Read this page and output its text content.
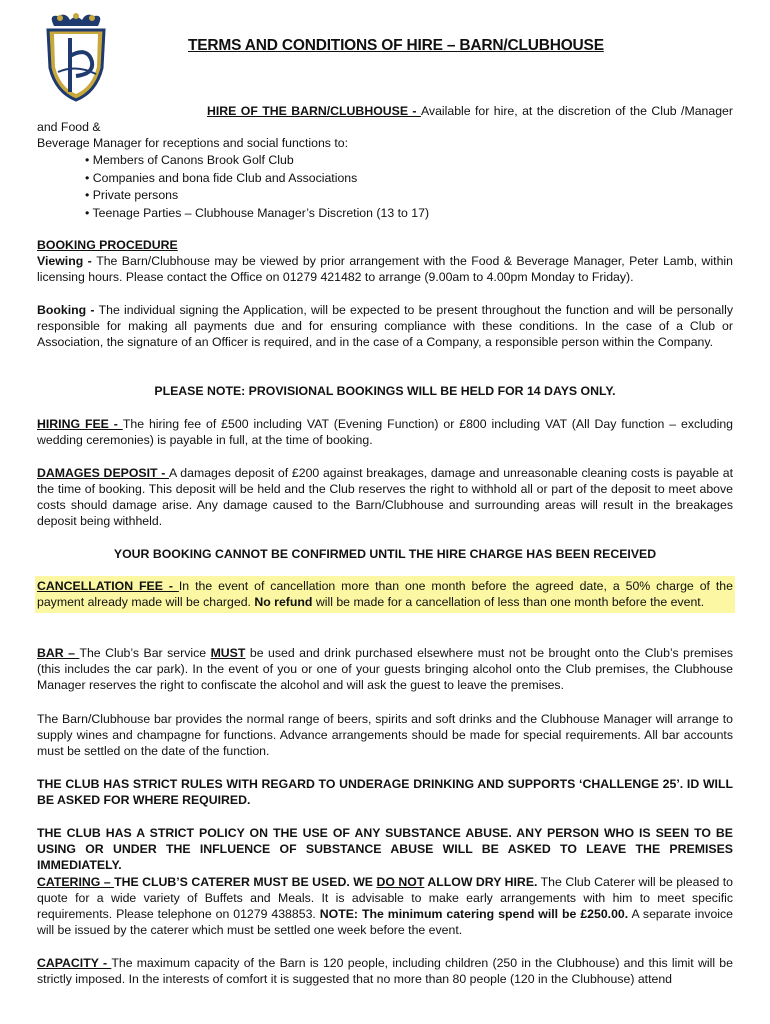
TERMS AND CONDITIONS OF HIRE – BARN/CLUBHOUSE
HIRE OF THE BARN/CLUBHOUSE - Available for hire, at the discretion of the Club /Manager and Food &
Beverage Manager for receptions and social functions to:
• Members of Canons Brook Golf Club
• Companies and bona fide Club and Associations
• Private persons
• Teenage Parties – Clubhouse Manager’s Discretion (13 to 17)
BOOKING PROCEDURE
Viewing - The Barn/Clubhouse may be viewed by prior arrangement with the Food & Beverage Manager, Peter Lamb, within licensing hours. Please contact the Office on 01279 421482 to arrange (9.00am to 4.00pm Monday to Friday).
Booking - The individual signing the Application, will be expected to be present throughout the function and will be personally responsible for making all payments due and for ensuring compliance with these conditions. In the case of a Club or Association, the signature of an Officer is required, and in the case of a Company, a responsible person within the Company.
PLEASE NOTE: PROVISIONAL BOOKINGS WILL BE HELD FOR 14 DAYS ONLY.
HIRING FEE - The hiring fee of £500 including VAT (Evening Function) or £800 including VAT (All Day function – excluding wedding ceremonies) is payable in full, at the time of booking.
DAMAGES DEPOSIT - A damages deposit of £200 against breakages, damage and unreasonable cleaning costs is payable at the time of booking. This deposit will be held and the Club reserves the right to withhold all or part of the deposit to meet above costs should damage arise. Any damage caused to the Barn/Clubhouse and surrounding areas will result in the breakages deposit being withheld.
YOUR BOOKING CANNOT BE CONFIRMED UNTIL THE HIRE CHARGE HAS BEEN RECEIVED
CANCELLATION FEE - In the event of cancellation more than one month before the agreed date, a 50% charge of the payment already made will be charged. No refund will be made for a cancellation of less than one month before the event.
BAR – The Club’s Bar service MUST be used and drink purchased elsewhere must not be brought onto the Club’s premises (this includes the car park). In the event of you or one of your guests bringing alcohol onto the Club premises, the Clubhouse Manager reserves the right to confiscate the alcohol and will ask the guest to leave the premises.
The Barn/Clubhouse bar provides the normal range of beers, spirits and soft drinks and the Clubhouse Manager will arrange to supply wines and champagne for functions. Advance arrangements should be made for special requirements. All bar accounts must be settled on the date of the function.
THE CLUB HAS STRICT RULES WITH REGARD TO UNDERAGE DRINKING AND SUPPORTS ‘CHALLENGE 25’. ID WILL BE ASKED FOR WHERE REQUIRED.
THE CLUB HAS A STRICT POLICY ON THE USE OF ANY SUBSTANCE ABUSE. ANY PERSON WHO IS SEEN TO BE USING OR UNDER THE INFLUENCE OF SUBSTANCE ABUSE WILL BE ASKED TO LEAVE THE PREMISES IMMEDIATELY.
CATERING – THE CLUB’S CATERER MUST BE USED. WE DO NOT ALLOW DRY HIRE. The Club Caterer will be pleased to quote for a wide variety of Buffets and Meals. It is advisable to make early arrangements with him to meet specific requirements. Please telephone on 01279 438853. NOTE: The minimum catering spend will be £250.00. A separate invoice will be issued by the caterer which must be settled one week before the event.
CAPACITY - The maximum capacity of the Barn is 120 people, including children (250 in the Clubhouse) and this limit will be strictly imposed. In the interests of comfort it is suggested that no more than 80 people (120 in the Clubhouse) attend
